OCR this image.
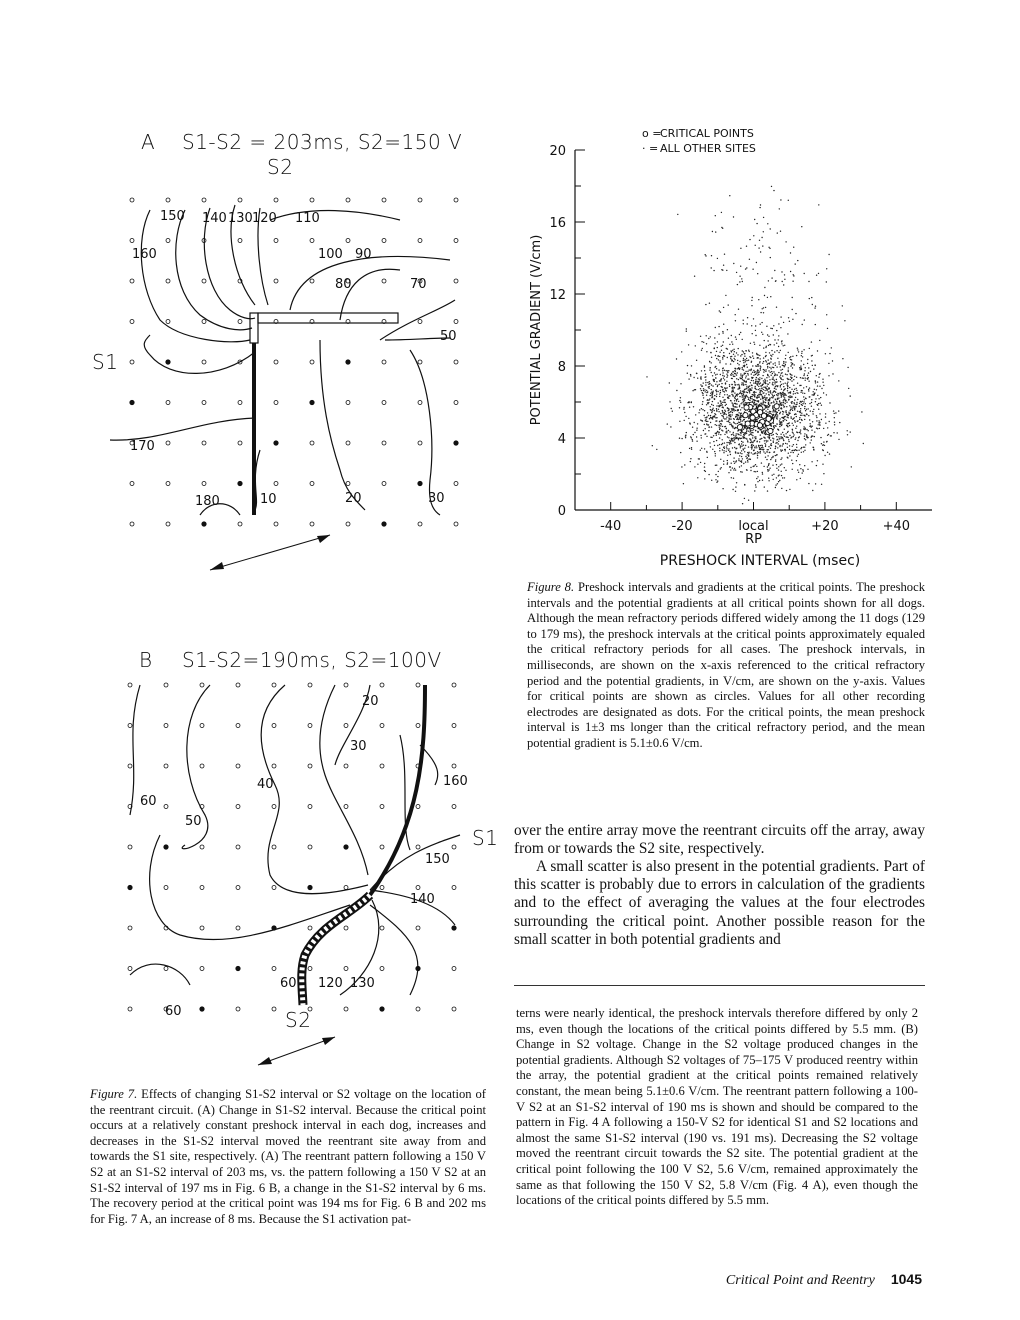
A S1-S2 = 203ms, S2=150 V
S2
150 140 130 120 110
160	100 90
80	70
50
170
180	10	20	30
S1
B S1-S2=190ms, S2=100V
20
30
60
40	160
50
150
140
60 120 130
60
S1
S2

Figure 7. Effects of changing S1-S2 interval or S2 voltage on the location of the reentrant circuit. (A) Change in S1-S2 interval. Because the critical point occurs at a relatively constant preshock interval in each dog, increases and decreases in the S1-S2 interval moved the reentrant site away from and towards the S1 site, respectively. (A) The reentrant pattern following a 150 V S2 at an S1-S2 interval of 203 ms, vs. the pattern following a 150 V S2 at an S1-S2 interval of 197 ms in Fig. 6 B, a change in the S1-S2 interval by 6 ms. The recovery period at the critical point was 194 ms for Fig. 6 B and 202 ms for Fig. 7 A, an increase of 8 ms. Because the S1 activation pat-

0
4
8
12
16
20
-40	-20	local	+20	+40
RP
PRESHOCK INTERVAL (msec)
POTENTIAL GRADIENT (V/cm)
o =
CRITICAL POINTS
· = ALL OTHER SITES

Figure 8. Preshock intervals and gradients at the critical points. The preshock intervals and the potential gradients at all critical points shown for all dogs. Although the mean refractory periods differed widely among the 11 dogs (129 to 179 ms), the preshock intervals at the critical points approximately equaled the critical refractory periods for all cases. The preshock intervals, in milliseconds, are shown on the x-axis referenced to the critical refractory period and the potential gradients, in V/cm, are shown on the y-axis. Values for critical points are shown as circles. Values for all other recording electrodes are designated as dots. For the critical points, the mean preshock interval is 1±3 ms longer than the critical refractory period, and the mean potential gradient is 5.1±0.6 V/cm.

over the entire array move the reentrant circuits off the array, away from or towards the S2 site, respectively.

A small scatter is also present in the potential gradients. Part of this scatter is probably due to errors in calculation of the gradients and to the effect of averaging the values at the four electrodes surrounding the critical point. Another possible reason for the small scatter in both potential gradients and

terns were nearly identical, the preshock intervals therefore differed by only 2 ms, even though the locations of the critical points differed by 5.5 mm. (B) Change in S2 voltage. Change in the S2 voltage produced changes in the potential gradients. Although S2 voltages of 75–175 V produced reentry within the array, the potential gradient at the critical points remained relatively constant, the mean being 5.1±0.6 V/cm. The reentrant pattern following a 100-V S2 at an S1-S2 interval of 190 ms is shown and should be compared to the pattern in Fig. 4 A following a 150-V S2 for identical S1 and S2 locations and almost the same S1-S2 interval (190 vs. 191 ms). Decreasing the S2 voltage moved the reentrant circuit towards the S2 site. The potential gradient at the critical point following the 100 V S2, 5.6 V/cm, remained approximately the same as that following the 150 V S2, 5.8 V/cm (Fig. 4 A), even though the locations of the critical points differed by 5.5 mm.

Critical Point and Reentry 1045
